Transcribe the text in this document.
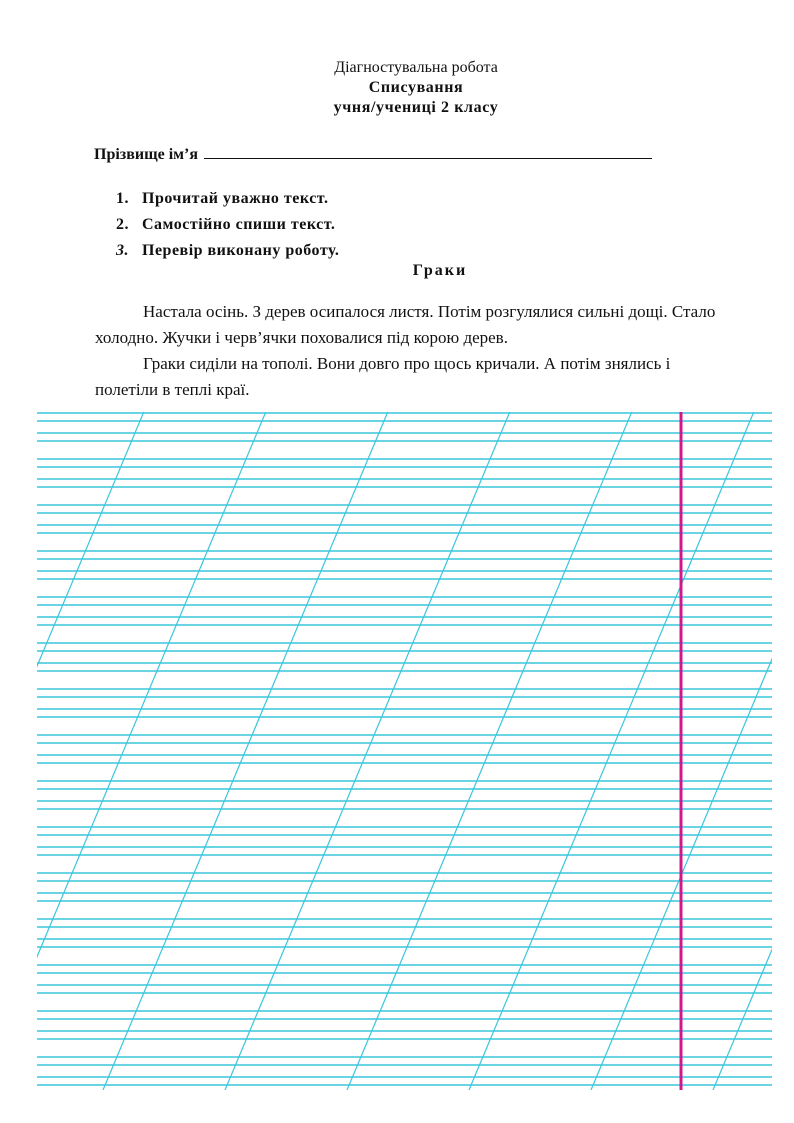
Діагностувальна робота
Списування
учня/учениці 2 класу
Прізвище ім’я
1. Прочитай уважно текст.
2. Самостійно спиши текст.
3. Перевір виконану роботу.
Граки

Настала осінь. З дерев осипалося листя. Потім розгулялися сильні дощі. Стало холодно. Жучки і черв’ячки поховалися під корою дерев.

Граки сиділи на тополі. Вони довго про щось кричали. А потім знялись і полетіли в теплі краї.
